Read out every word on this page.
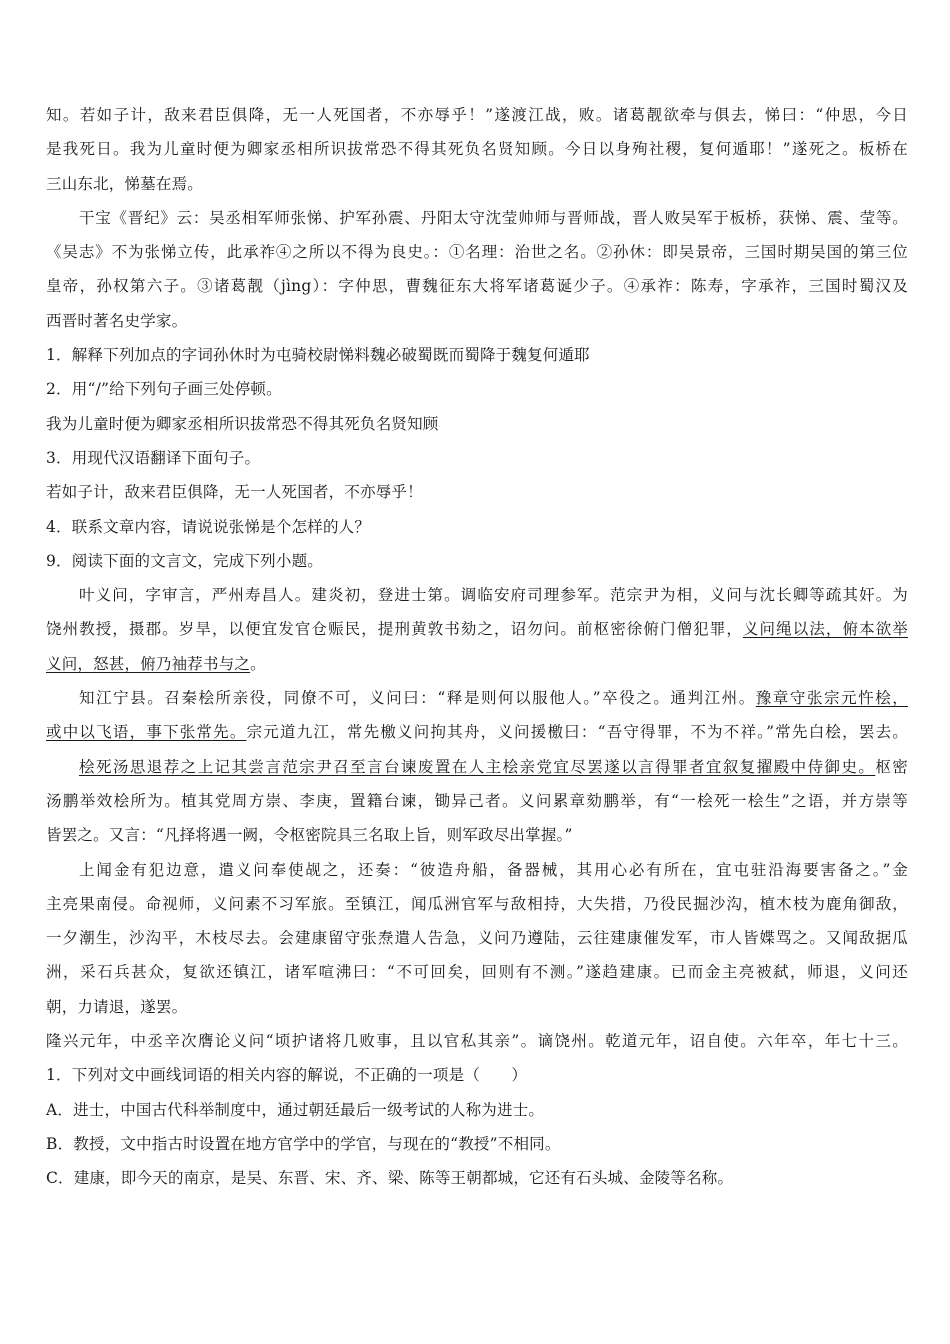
知。若如子计，敌来君臣俱降，无一人死国者，不亦辱乎！”遂渡江战，败。诸葛靓欲牵与俱去，悌曰：“仲思，今日
是我死日。我为儿童时便为卿家丞相所识拔常恐不得其死负名贤知顾。今日以身殉社稷，复何遁耶！”遂死之。板桥在
三山东北，悌墓在焉。
干宝《晋纪》云：吴丞相军师张悌、护军孙震、丹阳太守沈莹帅师与晋师战，晋人败吴军于板桥，获悌、震、莹等。
《吴志》不为张悌立传，此承祚④之所以不得为良史。：①名理：治世之名。②孙休：即吴景帝，三国时期吴国的第三位
皇帝，孙权第六子。③诸葛靓（jìng）：字仲思，曹魏征东大将军诸葛诞少子。④承祚：陈寿，字承祚，三国时蜀汉及
西晋时著名史学家。
1．解释下列加点的字词孙休时为屯骑校尉悌料魏必破蜀既而蜀降于魏复何遁耶
2．用“/”给下列句子画三处停顿。
我为儿童时便为卿家丞相所识拔常恐不得其死负名贤知顾
3．用现代汉语翻译下面句子。
若如子计，敌来君臣俱降，无一人死国者，不亦辱乎！
4．联系文章内容，请说说张悌是个怎样的人？
9．阅读下面的文言文，完成下列小题。
叶义问，字审言，严州寿昌人。建炎初，登进士第。调临安府司理参军。范宗尹为相，义问与沈长卿等疏其奸。为
饶州教授，摄郡。岁旱，以便宜发官仓赈民，提刑黄敦书劾之，诏勿问。前枢密徐俯门僧犯罪，义问绳以法，俯本欲举
义问，怒甚，俯乃袖荐书与之。
知江宁县。召秦桧所亲役，同僚不可，义问曰：“释是则何以服他人。”卒役之。通判江州。豫章守张宗元忤桧，
或中以飞语，事下张常先。宗元道九江，常先檄义问拘其舟，义问援檄曰：“吾守得罪，不为不祥。”常先白桧，罢去。
桧死汤思退荐之上记其尝言范宗尹召至言台谏废置在人主桧亲党宜尽罢遂以言得罪者宜叙复擢殿中侍御史。枢密
汤鹏举效桧所为。植其党周方崇、李庚，置籍台谏，锄异己者。义问累章劾鹏举，有“一桧死一桧生”之语，并方崇等
皆罢之。又言：“凡择将遇一阙，令枢密院具三名取上旨，则军政尽出掌握。”
上闻金有犯边意，遣义问奉使觇之，还奏：“彼造舟船，备器械，其用心必有所在，宜屯驻沿海要害备之。”金
主亮果南侵。命视师，义问素不习军旅。至镇江，闻瓜洲官军与敌相持，大失措，乃役民掘沙沟，植木枝为鹿角御敌，
一夕潮生，沙沟平，木枝尽去。会建康留守张焘遣人告急，义问乃遵陆，云往建康催发军，市人皆媟骂之。又闻敌据瓜
洲，采石兵甚众，复欲还镇江，诸军喧沸曰：“不可回矣，回则有不测。”遂趋建康。已而金主亮被弑，师退，义问还
朝，力请退，遂罢。
隆兴元年，中丞辛次膺论义问“顷护诸将几败事，且以官私其亲”。谪饶州。乾道元年，诏自使。六年卒，年七十三。
1．下列对文中画线词语的相关内容的解说，不正确的一项是（　　）
A．进士，中国古代科举制度中，通过朝廷最后一级考试的人称为进士。
B．教授，文中指古时设置在地方官学中的学官，与现在的“教授”不相同。
C．建康，即今天的南京，是吴、东晋、宋、齐、梁、陈等王朝都城，它还有石头城、金陵等名称。
